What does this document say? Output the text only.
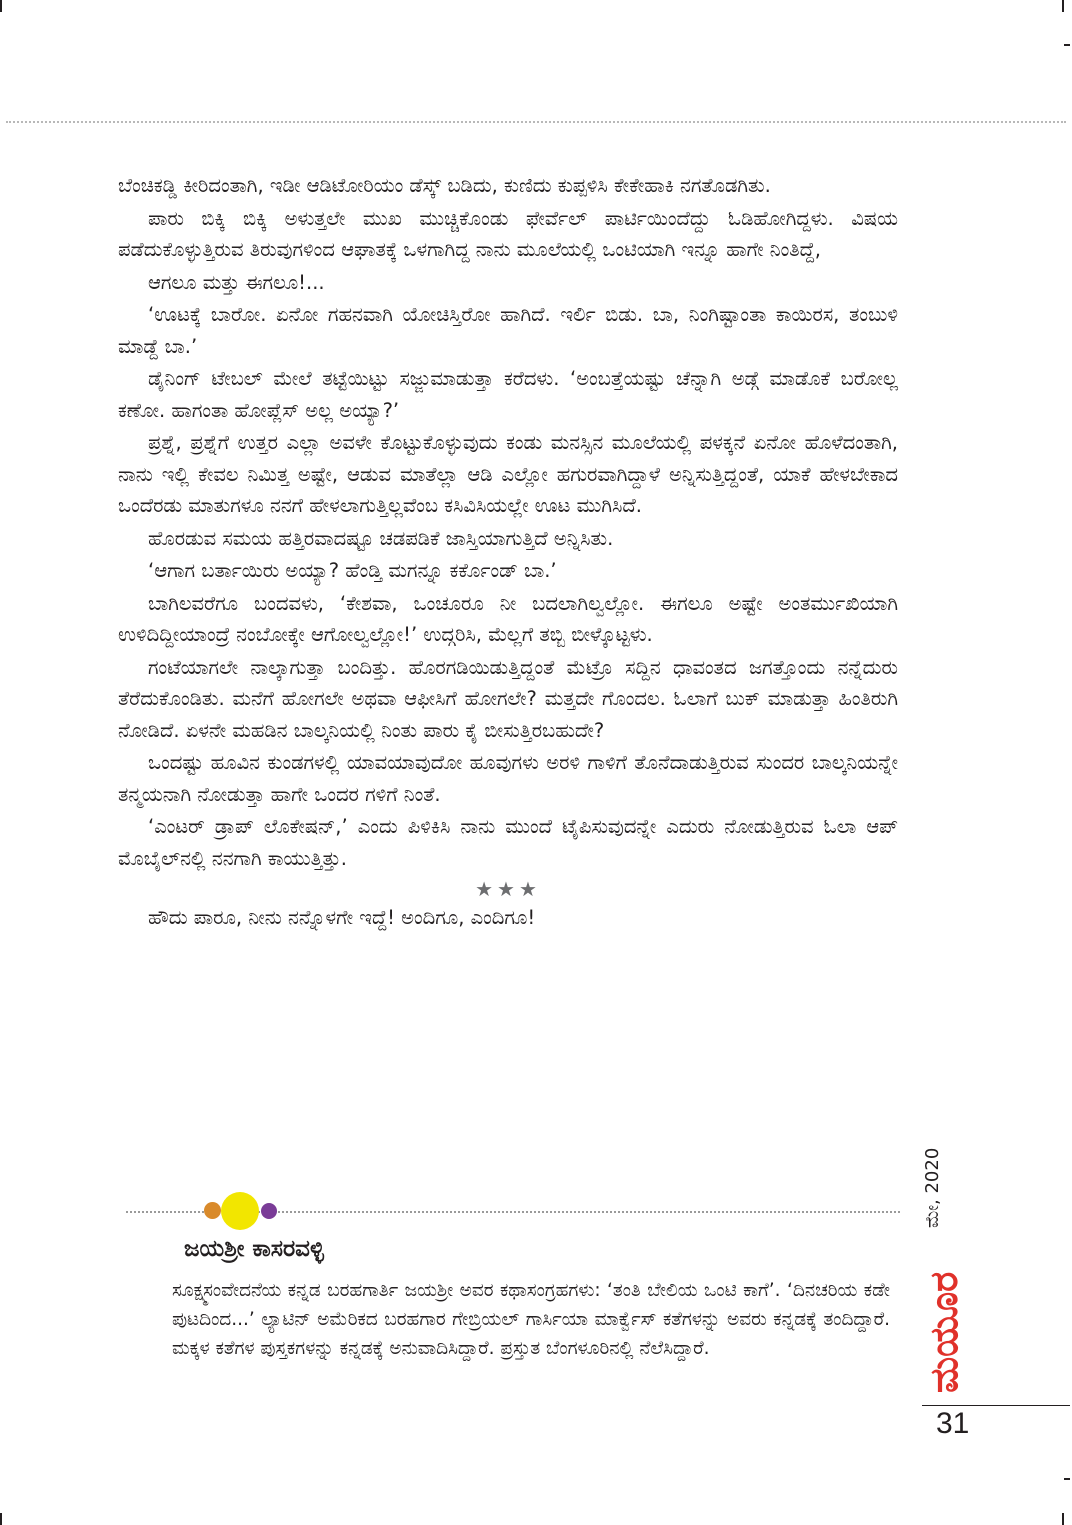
ಬೆಂಚಿಕಡ್ಡಿ ಕೀರಿದಂತಾಗಿ, ಇಡೀ ಆಡಿಟೋರಿಯಂ ಡೆಸ್ಕ್ ಬಡಿದು, ಕುಣಿದು ಕುಪ್ಪಳಿಸಿ ಕೇಕೇಹಾಕಿ ನಗತೊಡಗಿತು.

ಪಾರು ಬಿಕ್ಕಿ ಬಿಕ್ಕಿ ಅಳುತ್ತಲೇ ಮುಖ ಮುಚ್ಚಿಕೊಂಡು ಫೇರ್ವೆಲ್ ಪಾರ್ಟಿಯಿಂದೆದ್ದು ಓಡಿಹೋಗಿದ್ದಳು. ವಿಷಯ ಪಡೆದುಕೊಳ್ಳುತ್ತಿರುವ ತಿರುವುಗಳಿಂದ ಆಘಾತಕ್ಕೆ ಒಳಗಾಗಿದ್ದ ನಾನು ಮೂಲೆಯಲ್ಲಿ ಒಂಟಿಯಾಗಿ ಇನ್ನೂ ಹಾಗೇ ನಿಂತಿದ್ದೆ,

ಆಗಲೂ ಮತ್ತು ಈಗಲೂ!...

‘ಊಟಕ್ಕೆ ಬಾರೋ. ಏನೋ ಗಹನವಾಗಿ ಯೋಚಿಸ್ತಿರೋ ಹಾಗಿದೆ. ಇರ್ಲಿ ಬಿಡು. ಬಾ, ನಿಂಗಿಷ್ಟಾಂತಾ ಕಾಯಿರಸ, ತಂಬುಳಿ ಮಾಡ್ದೆ ಬಾ.’

ಡೈನಿಂಗ್ ಟೇಬಲ್ ಮೇಲೆ ತಟ್ಟೆಯಿಟ್ಟು ಸಜ್ಜುಮಾಡುತ್ತಾ ಕರೆದಳು. ‘ಅಂಬತ್ತೆಯಷ್ಟು ಚೆನ್ನಾಗಿ ಅಡ್ಗೆ ಮಾಡೊಕೆ ಬರೋಲ್ಲ ಕಣೋ. ಹಾಗಂತಾ ಹೋಪ್ಲೆಸ್ ಅಲ್ಲ ಅಯ್ಯಾ?’

ಪ್ರಶ್ನೆ, ಪ್ರಶ್ನೆಗೆ ಉತ್ತರ ಎಲ್ಲಾ ಅವಳೇ ಕೊಟ್ಟುಕೊಳ್ಳುವುದು ಕಂಡು ಮನಸ್ಸಿನ ಮೂಲೆಯಲ್ಲಿ ಪಳಕ್ಕನೆ ಏನೋ ಹೊಳೆದಂತಾಗಿ, ನಾನು ಇಲ್ಲಿ ಕೇವಲ ನಿಮಿತ್ತ ಅಷ್ಟೇ, ಆಡುವ ಮಾತೆಲ್ಲಾ ಆಡಿ ಎಲ್ಲೋ ಹಗುರವಾಗಿದ್ದಾಳೆ ಅನ್ನಿಸುತ್ತಿದ್ದಂತೆ, ಯಾಕೆ ಹೇಳಬೇಕಾದ ಒಂದೆರಡು ಮಾತುಗಳೂ ನನಗೆ ಹೇಳಲಾಗುತ್ತಿಲ್ಲವೆಂಬ ಕಸಿವಿಸಿಯಲ್ಲೇ ಊಟ ಮುಗಿಸಿದೆ.

ಹೊರಡುವ ಸಮಯ ಹತ್ತಿರವಾದಷ್ಟೂ ಚಡಪಡಿಕೆ ಜಾಸ್ತಿಯಾಗುತ್ತಿದೆ ಅನ್ನಿಸಿತು.

‘ಆಗಾಗ ಬರ್ತಾಯಿರು ಅಯ್ಯಾ? ಹೆಂಡ್ತಿ ಮಗನ್ನೂ ಕರ್ಕೊಂಡ್ ಬಾ.’

ಬಾಗಿಲವರೆಗೂ ಬಂದವಳು, ‘ಕೇಶವಾ, ಒಂಚೂರೂ ನೀ ಬದಲಾಗಿಲ್ವಲ್ಲೋ. ಈಗಲೂ ಅಷ್ಟೇ ಅಂತರ್ಮುಖಿಯಾಗಿ ಉಳಿದಿದ್ದೀಯಾಂದ್ರೆ ನಂಬೋಕ್ಕೇ ಆಗೋಲ್ವಲ್ಲೋ!’ ಉದ್ಗರಿಸಿ, ಮೆಲ್ಲಗೆ ತಬ್ಬಿ ಬೀಳ್ಕೊಟ್ಟಳು.

ಗಂಟೆಯಾಗಲೇ ನಾಲ್ಕಾಗುತ್ತಾ ಬಂದಿತ್ತು. ಹೊರಗಡಿಯಿಡುತ್ತಿದ್ದಂತೆ ಮೆಟ್ರೊ ಸದ್ದಿನ ಧಾವಂತದ ಜಗತ್ತೊಂದು ನನ್ನೆದುರು ತೆರೆದುಕೊಂಡಿತು. ಮನೆಗೆ ಹೋಗಲೇ ಅಥವಾ ಆಫೀಸಿಗೆ ಹೋಗಲೇ? ಮತ್ತದೇ ಗೊಂದಲ. ಓಲಾಗೆ ಬುಕ್ ಮಾಡುತ್ತಾ ಹಿಂತಿರುಗಿ ನೋಡಿದೆ. ಏಳನೇ ಮಹಡಿನ ಬಾಲ್ಕನಿಯಲ್ಲಿ ನಿಂತು ಪಾರು ಕೈ ಬೀಸುತ್ತಿರಬಹುದೇ?

ಒಂದಷ್ಟು ಹೂವಿನ ಕುಂಡಗಳಲ್ಲಿ ಯಾವಯಾವುದೋ ಹೂವುಗಳು ಅರಳಿ ಗಾಳಿಗೆ ತೊನೆದಾಡುತ್ತಿರುವ ಸುಂದರ ಬಾಲ್ಕನಿಯನ್ನೇ ತನ್ಮಯನಾಗಿ ನೋಡುತ್ತಾ ಹಾಗೇ ಒಂದರ ಗಳಿಗೆ ನಿಂತೆ.

‘ಎಂಟರ್ ಡ್ರಾಪ್ ಲೊಕೇಷನ್,’ ಎಂದು ಪಿಳಿಕಿಸಿ ನಾನು ಮುಂದೆ ಟೈಪಿಸುವುದನ್ನೇ ಎದುರು ನೋಡುತ್ತಿರುವ ಓಲಾ ಆಪ್ ಮೊಬೈಲ್‌ನಲ್ಲಿ ನನಗಾಗಿ ಕಾಯುತ್ತಿತ್ತು.

★★★

ಹೌದು ಪಾರೂ, ನೀನು ನನ್ನೊಳಗೇ ಇದ್ದೆ! ಅಂದಿಗೂ, ಎಂದಿಗೂ!

ಜಯಶ್ರೀ ಕಾಸರವಳ್ಳಿ
ಸೂಕ್ಷ್ಮಸಂವೇದನೆಯ ಕನ್ನಡ ಬರಹಗಾರ್ತಿ ಜಯಶ್ರೀ ಅವರ ಕಥಾಸಂಗ್ರಹಗಳು: ‘ತಂತಿ ಬೇಲಿಯ ಒಂಟಿ ಕಾಗೆ’. ‘ದಿನಚರಿಯ ಕಡೇ ಪುಟದಿಂದ...’ ಲ್ಯಾಟಿನ್ ಅಮೆರಿಕದ ಬರಹಗಾರ ಗೇಬ್ರಿಯಲ್ ಗಾರ್ಸಿಯಾ ಮಾರ್ಕ್ವೆಸ್ ಕತೆಗಳನ್ನು ಅವರು ಕನ್ನಡಕ್ಕೆ ತಂದಿದ್ದಾರೆ. ಮಕ್ಕಳ ಕತೆಗಳ ಪುಸ್ತಕಗಳನ್ನು ಕನ್ನಡಕ್ಕೆ ಅನುವಾದಿಸಿದ್ದಾರೆ. ಪ್ರಸ್ತುತ ಬೆಂಗಳೂರಿನಲ್ಲಿ ನೆಲೆಸಿದ್ದಾರೆ.
ಮೇ, 2020
ಮಯೂರ
31
